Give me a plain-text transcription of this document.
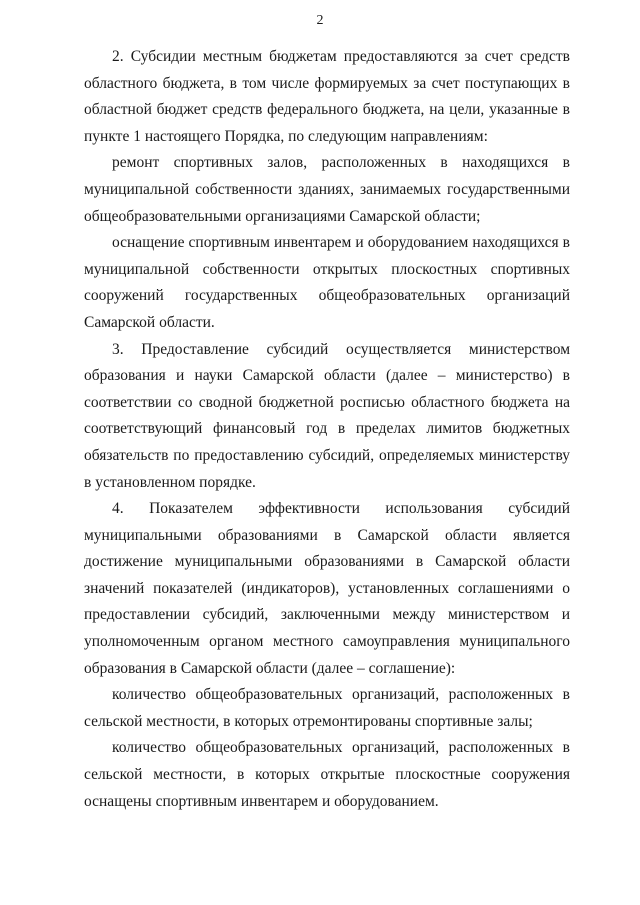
2

2. Субсидии местным бюджетам предоставляются за счет средств областного бюджета, в том числе формируемых за счет поступающих в областной бюджет средств федерального бюджета, на цели, указанные в пункте 1 настоящего Порядка, по следующим направлениям:

ремонт спортивных залов, расположенных в находящихся в муниципальной собственности зданиях, занимаемых государственными общеобразовательными организациями Самарской области;

оснащение спортивным инвентарем и оборудованием находящихся в муниципальной собственности открытых плоскостных спортивных сооружений государственных общеобразовательных организаций Самарской области.

3. Предоставление субсидий осуществляется министерством образования и науки Самарской области (далее – министерство) в соответствии со сводной бюджетной росписью областного бюджета на соответствующий финансовый год в пределах лимитов бюджетных обязательств по предоставлению субсидий, определяемых министерству в установленном порядке.

4. Показателем эффективности использования субсидий муниципальными образованиями в Самарской области является достижение муниципальными образованиями в Самарской области значений показателей (индикаторов), установленных соглашениями о предоставлении субсидий, заключенными между министерством и уполномоченным органом местного самоуправления муниципального образования в Самарской области (далее – соглашение):

количество общеобразовательных организаций, расположенных в сельской местности, в которых отремонтированы спортивные залы;

количество общеобразовательных организаций, расположенных в сельской местности, в которых открытые плоскостные сооружения оснащены спортивным инвентарем и оборудованием.
